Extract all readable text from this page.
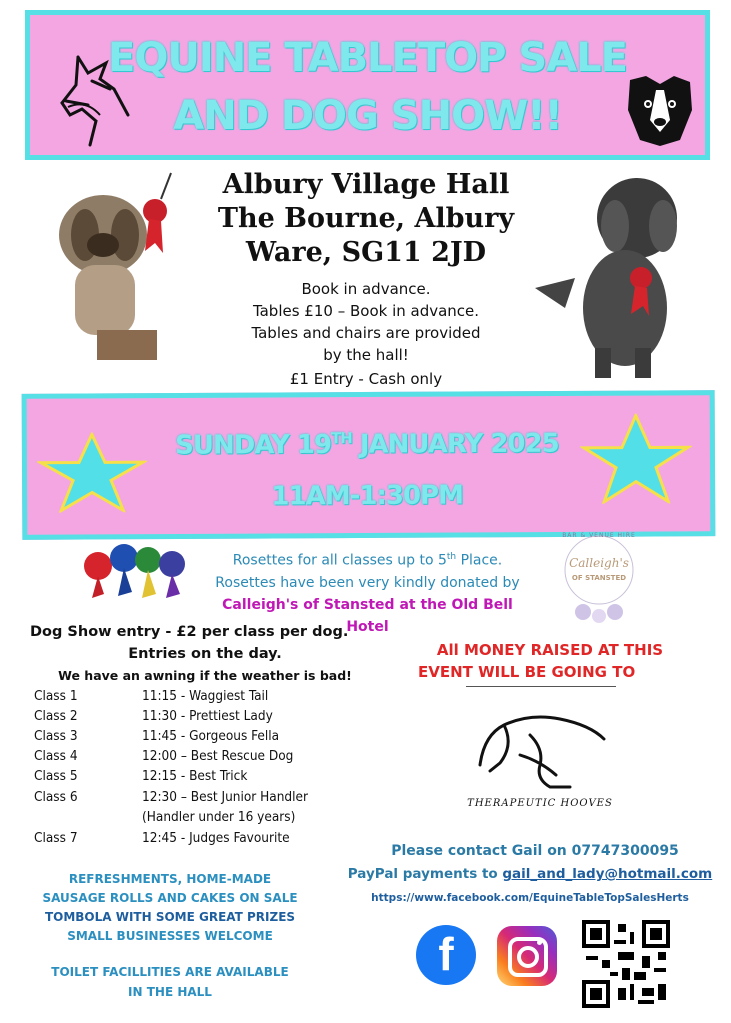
EQUINE TABLETOP SALE
AND DOG SHOW!!
Albury Village Hall
The Bourne, Albury
Ware, SG11 2JD
Book in advance.
Tables £10 – Book in advance.
Tables and chairs are provided
by the hall!
£1 Entry - Cash only
SUNDAY 19TH JANUARY 2025
11AM-1:30PM
Rosettes for all classes up to 5th Place.
Rosettes have been very kindly donated by
Calleigh's of Stansted at the Old Bell Hotel
BAR & VENUE HIRE
Calleigh's
OF STANSTED
Dog Show entry - £2 per class per dog.
Entries on the day.
We have an awning if the weather is bad!
Class 1	11:15 - Waggiest Tail
Class 2	11:30 - Prettiest Lady
Class 3	11:45 - Gorgeous Fella
Class 4	12:00 – Best Rescue Dog
Class 5	12:15 - Best Trick
Class 6	12:30 – Best Junior Handler
(Handler under 16 years)
Class 7	12:45 - Judges Favourite
All MONEY RAISED AT THIS
EVENT WILL BE GOING TO
THERAPEUTIC HOOVES
REFRESHMENTS, HOME-MADE
SAUSAGE ROLLS AND CAKES ON SALE
TOMBOLA WITH SOME GREAT PRIZES
SMALL BUSINESSES WELCOME
TOILET FACILLITIES ARE AVAILABLE
IN THE HALL
Please contact Gail on 07747300095
PayPal payments to gail_and_lady@hotmail.com
https://www.facebook.com/EquineTableTopSalesHerts
f
